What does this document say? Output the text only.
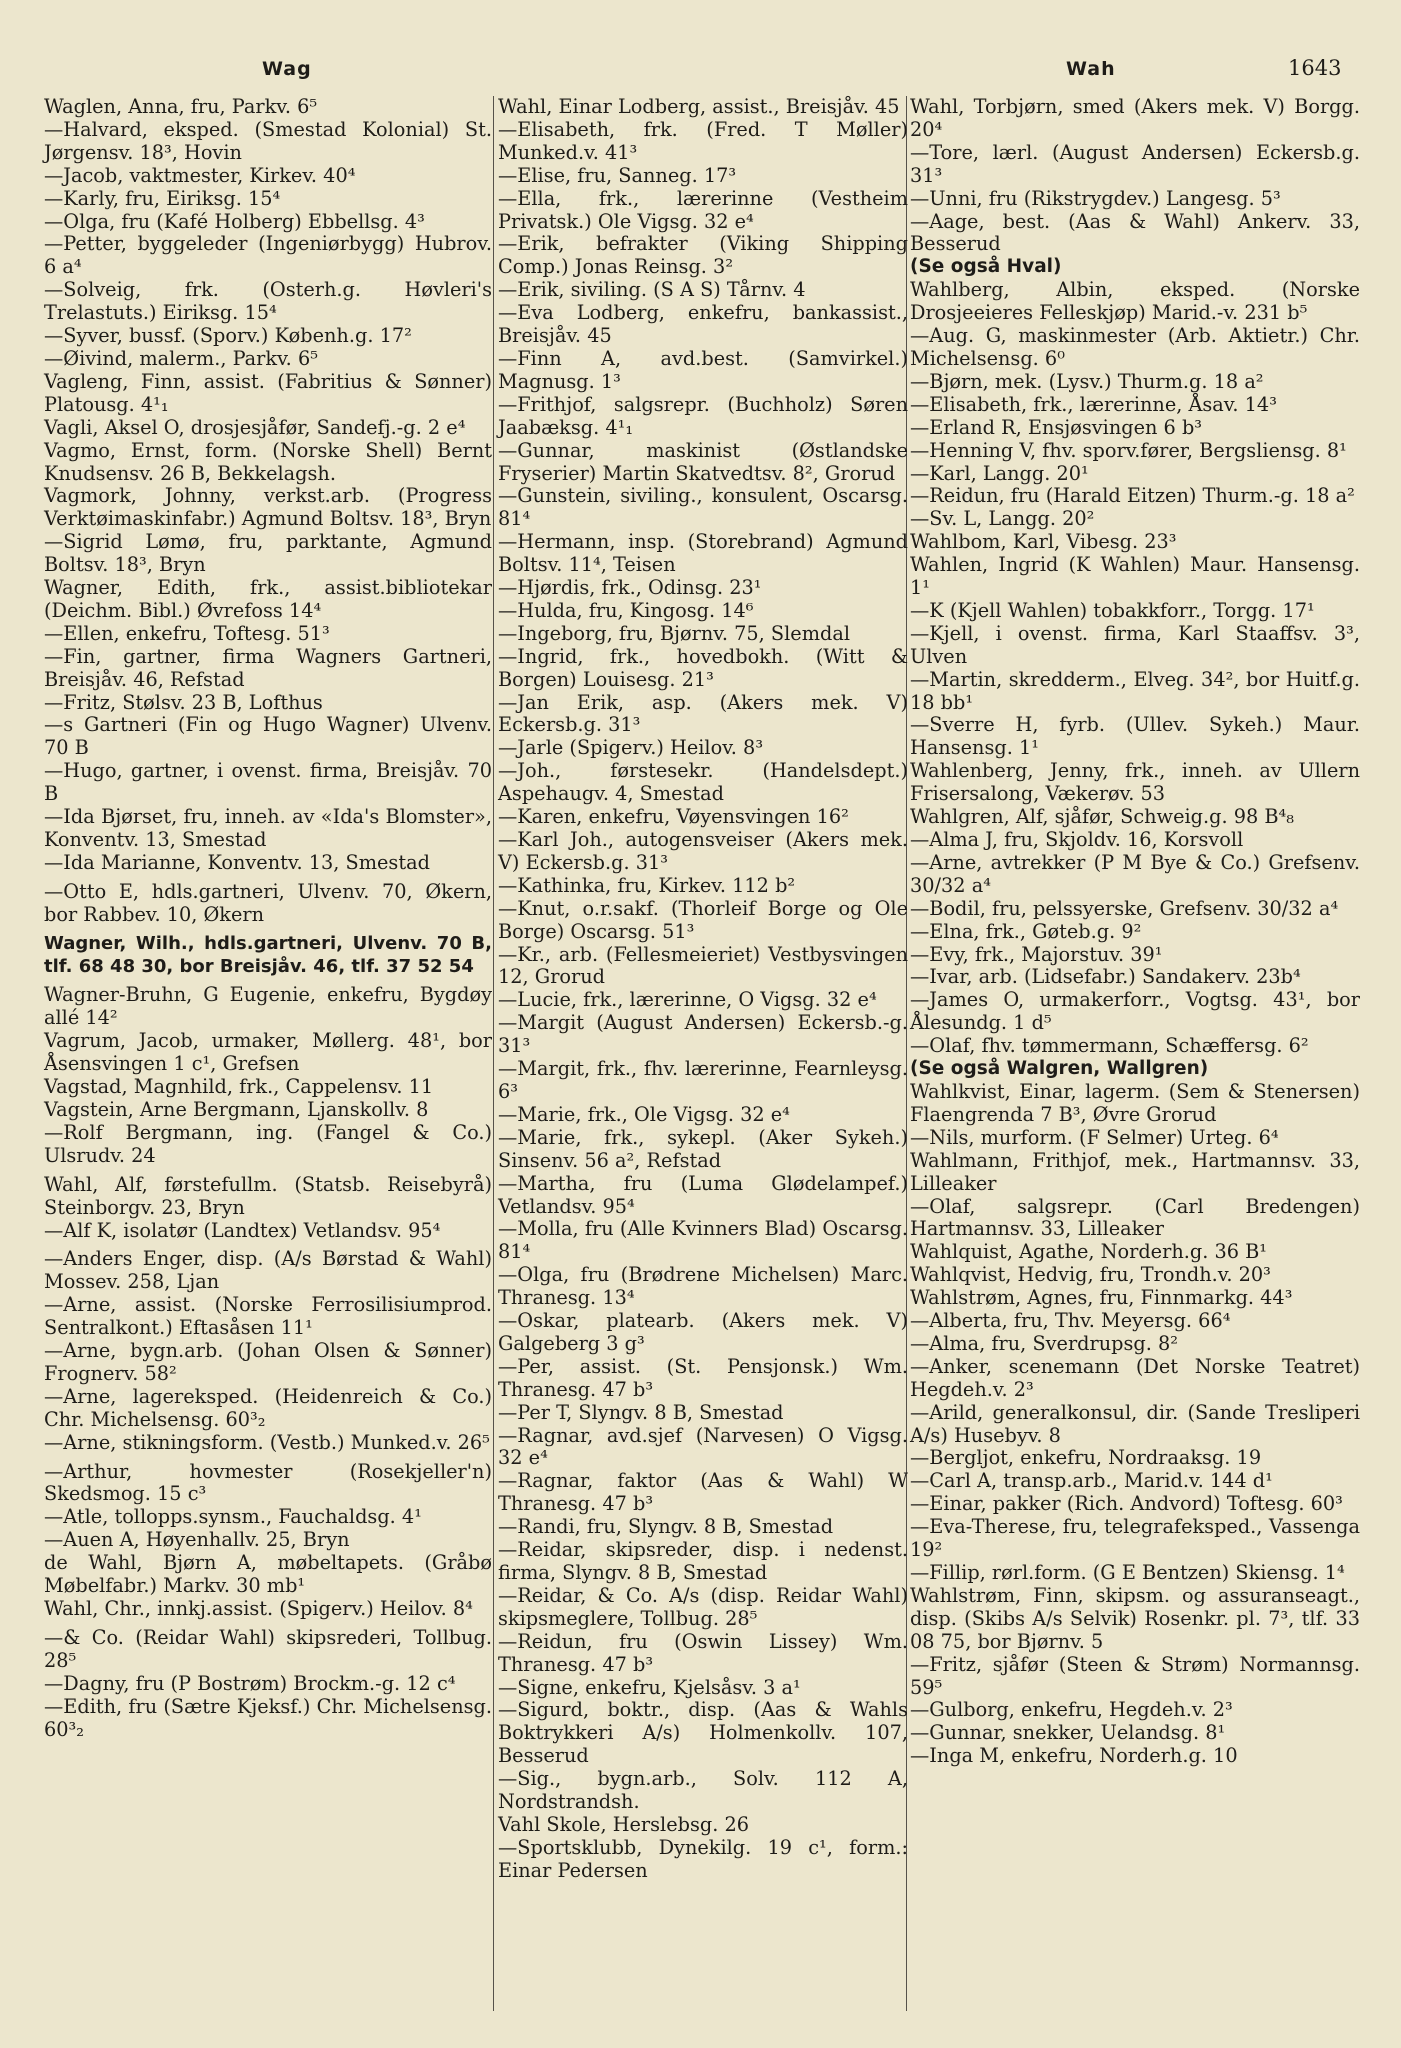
Wag	Wah	1643

Waglen, Anna, fru, Parkv. 6⁵

—Halvard, eksped. (Smestad Kolonial) St. Jørgensv. 18³, Hovin

—Jacob, vaktmester, Kirkev. 40⁴

—Karly, fru, Eiriksg. 15⁴

—Olga, fru (Kafé Holberg) Ebbellsg. 4³

—Petter, byggeleder (Ingeniørbygg) Hubrov. 6 a⁴

—Solveig, frk. (Osterh.g. Høvleri's Trelastuts.) Eiriksg. 15⁴

—Syver, bussf. (Sporv.) Københ.g. 17²

—Øivind, malerm., Parkv. 6⁵

Vagleng, Finn, assist. (Fabritius & Sønner) Platousg. 4¹₁

Vagli, Aksel O, drosjesjåfør, Sandefj.-g. 2 e⁴

Vagmo, Ernst, form. (Norske Shell) Bernt Knudsensv. 26 B, Bekkelagsh.

Vagmork, Johnny, verkst.arb. (Progress Verktøimaskinfabr.) Agmund Boltsv. 18³, Bryn

—Sigrid Lømø, fru, parktante, Agmund Boltsv. 18³, Bryn

Wagner, Edith, frk., assist.bibliotekar (Deichm. Bibl.) Øvrefoss 14⁴

—Ellen, enkefru, Toftesg. 51³

—Fin, gartner, firma Wagners Gartneri, Breisjåv. 46, Refstad

—Fritz, Stølsv. 23 B, Lofthus

—s Gartneri (Fin og Hugo Wagner) Ulvenv. 70 B

—Hugo, gartner, i ovenst. firma, Breisjåv. 70 B

—Ida Bjørset, fru, inneh. av «Ida's Blomster», Konventv. 13, Smestad

—Ida Marianne, Konventv. 13, Smestad

—Otto E, hdls.gartneri, Ulvenv. 70, Økern, bor Rabbev. 10, Økern

Wagner, Wilh., hdls.gartneri, Ulvenv. 70 B, tlf. 68 48 30, bor Breisjåv. 46, tlf. 37 52 54

Wagner-Bruhn, G Eugenie, enkefru, Bygdøy allé 14²

Vagrum, Jacob, urmaker, Møllerg. 48¹, bor Åsensvingen 1 c¹, Grefsen

Vagstad, Magnhild, frk., Cappelensv. 11

Vagstein, Arne Bergmann, Ljanskollv. 8

—Rolf Bergmann, ing. (Fangel & Co.) Ulsrudv. 24

Wahl, Alf, førstefullm. (Statsb. Reisebyrå) Steinborgv. 23, Bryn

—Alf K, isolatør (Landtex) Vetlandsv. 95⁴

—Anders Enger, disp. (A/s Børstad & Wahl) Mossev. 258, Ljan

—Arne, assist. (Norske Ferrosilisiumprod. Sentralkont.) Eftasåsen 11¹

—Arne, bygn.arb. (Johan Olsen & Sønner) Frognerv. 58²

—Arne, lagereksped. (Heidenreich & Co.) Chr. Michelsensg. 60³₂

—Arne, stikningsform. (Vestb.) Munked.v. 26⁵

—Arthur, hovmester (Rosekjeller'n) Skedsmog. 15 c³

—Atle, tollopps.synsm., Fauchaldsg. 4¹

—Auen A, Høyenhallv. 25, Bryn

de Wahl, Bjørn A, møbeltapets. (Gråbø Møbelfabr.) Markv. 30 mb¹

Wahl, Chr., innkj.assist. (Spigerv.) Heilov. 8⁴

—& Co. (Reidar Wahl) skipsrederi, Tollbug. 28⁵

—Dagny, fru (P Bostrøm) Brockm.-g. 12 c⁴

—Edith, fru (Sætre Kjeksf.) Chr. Michelsensg. 60³₂

Wahl, Einar Lodberg, assist., Breisjåv. 45

—Elisabeth, frk. (Fred. T Møller) Munked.v. 41³

—Elise, fru, Sanneg. 17³

—Ella, frk., lærerinne (Vestheim Privatsk.) Ole Vigsg. 32 e⁴

—Erik, befrakter (Viking Shipping Comp.) Jonas Reinsg. 3²

—Erik, siviling. (S A S) Tårnv. 4

—Eva Lodberg, enkefru, bankassist., Breisjåv. 45

—Finn A, avd.best. (Samvirkel.) Magnusg. 1³

—Frithjof, salgsrepr. (Buchholz) Søren Jaabæksg. 4¹₁

—Gunnar, maskinist (Østlandske Fryserier) Martin Skatvedtsv. 8², Grorud

—Gunstein, siviling., konsulent, Oscarsg. 81⁴

—Hermann, insp. (Storebrand) Agmund Boltsv. 11⁴, Teisen

—Hjørdis, frk., Odinsg. 23¹

—Hulda, fru, Kingosg. 14⁶

—Ingeborg, fru, Bjørnv. 75, Slemdal

—Ingrid, frk., hovedbokh. (Witt & Borgen) Louisesg. 21³

—Jan Erik, asp. (Akers mek. V) Eckersb.g. 31³

—Jarle (Spigerv.) Heilov. 8³

—Joh., førstesekr. (Handelsdept.) Aspehaugv. 4, Smestad

—Karen, enkefru, Vøyensvingen 16²

—Karl Joh., autogensveiser (Akers mek. V) Eckersb.g. 31³

—Kathinka, fru, Kirkev. 112 b²

—Knut, o.r.sakf. (Thorleif Borge og Ole Borge) Oscarsg. 51³

—Kr., arb. (Fellesmeieriet) Vestbysvingen 12, Grorud

—Lucie, frk., lærerinne, O Vigsg. 32 e⁴

—Margit (August Andersen) Eckersb.-g. 31³

—Margit, frk., fhv. lærerinne, Fearnleysg. 6³

—Marie, frk., Ole Vigsg. 32 e⁴

—Marie, frk., sykepl. (Aker Sykeh.) Sinsenv. 56 a², Refstad

—Martha, fru (Luma Glødelampef.) Vetlandsv. 95⁴

—Molla, fru (Alle Kvinners Blad) Oscarsg. 81⁴

—Olga, fru (Brødrene Michelsen) Marc. Thranesg. 13⁴

—Oskar, platearb. (Akers mek. V) Galgeberg 3 g³

—Per, assist. (St. Pensjonsk.) Wm. Thranesg. 47 b³

—Per T, Slyngv. 8 B, Smestad

—Ragnar, avd.sjef (Narvesen) O Vigsg. 32 e⁴

—Ragnar, faktor (Aas & Wahl) W Thranesg. 47 b³

—Randi, fru, Slyngv. 8 B, Smestad

—Reidar, skipsreder, disp. i nedenst. firma, Slyngv. 8 B, Smestad

—Reidar, & Co. A/s (disp. Reidar Wahl) skipsmeglere, Tollbug. 28⁵

—Reidun, fru (Oswin Lissey) Wm. Thranesg. 47 b³

—Signe, enkefru, Kjelsåsv. 3 a¹

—Sigurd, boktr., disp. (Aas & Wahls Boktrykkeri A/s) Holmenkollv. 107, Besserud

—Sig., bygn.arb., Solv. 112 A, Nordstrandsh.

Vahl Skole, Herslebsg. 26

—Sportsklubb, Dynekilg. 19 c¹, form.: Einar Pedersen

Wahl, Torbjørn, smed (Akers mek. V) Borgg. 20⁴

—Tore, lærl. (August Andersen) Eckersb.g. 31³

—Unni, fru (Rikstrygdev.) Langesg. 5³

—Aage, best. (Aas & Wahl) Ankerv. 33, Besserud

(Se også Hval)

Wahlberg, Albin, eksped. (Norske Drosjeeieres Felleskjøp) Marid.-v. 231 b⁵

—Aug. G, maskinmester (Arb. Aktietr.) Chr. Michelsensg. 6⁰

—Bjørn, mek. (Lysv.) Thurm.g. 18 a²

—Elisabeth, frk., lærerinne, Åsav. 14³

—Erland R, Ensjøsvingen 6 b³

—Henning V, fhv. sporv.fører, Bergsliensg. 8¹

—Karl, Langg. 20¹

—Reidun, fru (Harald Eitzen) Thurm.-g. 18 a²

—Sv. L, Langg. 20²

Wahlbom, Karl, Vibesg. 23³

Wahlen, Ingrid (K Wahlen) Maur. Hansensg. 1¹

—K (Kjell Wahlen) tobakkforr., Torgg. 17¹

—Kjell, i ovenst. firma, Karl Staaffsv. 3³, Ulven

—Martin, skredderm., Elveg. 34², bor Huitf.g. 18 bb¹

—Sverre H, fyrb. (Ullev. Sykeh.) Maur. Hansensg. 1¹

Wahlenberg, Jenny, frk., inneh. av Ullern Frisersalong, Vækerøv. 53

Wahlgren, Alf, sjåfør, Schweig.g. 98 B⁴₈

—Alma J, fru, Skjoldv. 16, Korsvoll

—Arne, avtrekker (P M Bye & Co.) Grefsenv. 30/32 a⁴

—Bodil, fru, pelssyerske, Grefsenv. 30/32 a⁴

—Elna, frk., Gøteb.g. 9²

—Evy, frk., Majorstuv. 39¹

—Ivar, arb. (Lidsefabr.) Sandakerv. 23b⁴

—James O, urmakerforr., Vogtsg. 43¹, bor Ålesundg. 1 d⁵

—Olaf, fhv. tømmermann, Schæffersg. 6²

(Se også Walgren, Wallgren)

Wahlkvist, Einar, lagerm. (Sem & Stenersen) Flaengrenda 7 B³, Øvre Grorud

—Nils, murform. (F Selmer) Urteg. 6⁴

Wahlmann, Frithjof, mek., Hartmannsv. 33, Lilleaker

—Olaf, salgsrepr. (Carl Bredengen) Hartmannsv. 33, Lilleaker

Wahlquist, Agathe, Norderh.g. 36 B¹

Wahlqvist, Hedvig, fru, Trondh.v. 20³

Wahlstrøm, Agnes, fru, Finnmarkg. 44³

—Alberta, fru, Thv. Meyersg. 66⁴

—Alma, fru, Sverdrupsg. 8²

—Anker, scenemann (Det Norske Teatret) Hegdeh.v. 2³

—Arild, generalkonsul, dir. (Sande Tresliperi A/s) Husebyv. 8

—Bergljot, enkefru, Nordraaksg. 19

—Carl A, transp.arb., Marid.v. 144 d¹

—Einar, pakker (Rich. Andvord) Toftesg. 60³

—Eva-Therese, fru, telegrafeksped., Vassenga 19²

—Fillip, rørl.form. (G E Bentzen) Skiensg. 1⁴

Wahlstrøm, Finn, skipsm. og assuranseagt., disp. (Skibs A/s Selvik) Rosenkr. pl. 7³, tlf. 33 08 75, bor Bjørnv. 5

—Fritz, sjåfør (Steen & Strøm) Normannsg. 59⁵

—Gulborg, enkefru, Hegdeh.v. 2³

—Gunnar, snekker, Uelandsg. 8¹

—Inga M, enkefru, Norderh.g. 10
